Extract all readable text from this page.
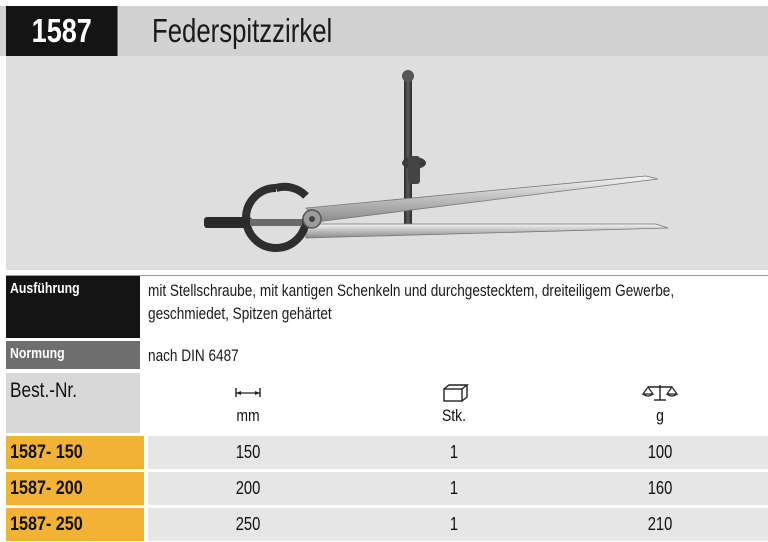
1587 Federspitzzirkel
Ausführung	mit Stellschraube, mit kantigen Schenkeln und durchgestecktem, dreiteiligem Gewerbe,
geschmiedet, Spitzen gehärtet
Normung	nach DIN 6487
Best.-Nr.
mm	Stk.	g
1587- 150	150	1	100
1587- 200	200	1	160
1587- 250	250	1	210
